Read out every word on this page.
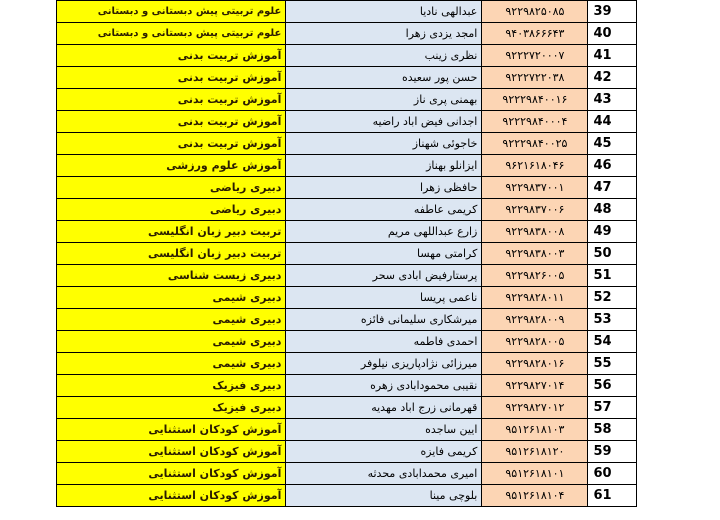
علوم تربیتی پیش دبستانی و دبستانی	عبدالهی نادیا	۹۲۲۹۸۲۵۰۸۵	39
علوم تربیتی پیش دبستانی و دبستانی	امجد یزدی زهرا	۹۴۰۳۸۶۶۶۴۳	40
آموزش تربیت بدنی	نظری زینب	۹۲۲۲۷۲۰۰۰۷	41
آموزش تربیت بدنی	حسن پور سعیده	۹۲۲۲۷۲۲۰۳۸	42
آموزش تربیت بدنی	بهمنی پری ناز	۹۲۲۲۹۸۴۰۰۱۶	43
آموزش تربیت بدنی	اجدانی فیض اباد راضیه	۹۲۲۲۹۸۴۰۰۰۴	44
آموزش تربیت بدنی	خاجوئی شهناز	۹۲۲۲۹۸۴۰۰۲۵	45
آموزش علوم ورزشی	ایزانلو بهناز	۹۶۲۱۶۱۸۰۴۶	46
دبیری ریاضی	حافظی زهرا	۹۲۲۹۸۳۷۰۰۱	47
دبیری ریاضی	کریمی عاطفه	۹۲۲۹۸۳۷۰۰۶	48
تربیت دبیر زبان انگلیسی	زارع عبداللهی مریم	۹۲۲۹۸۳۸۰۰۸	49
تربیت دبیر زبان انگلیسی	کرامتی مهسا	۹۲۲۹۸۳۸۰۰۳	50
دبیری زیست شناسی	پرستارفیض ابادی سحر	۹۲۲۹۸۲۶۰۰۵	51
دبیری شیمی	ناعمی پریسا	۹۲۲۹۸۲۸۰۱۱	52
دبیری شیمی	میرشکاری سلیمانی فائزه	۹۲۲۹۸۲۸۰۰۹	53
دبیری شیمی	احمدی فاطمه	۹۲۲۹۸۲۸۰۰۵	54
دبیری شیمی	میرزائی نژادپاریزی نیلوفر	۹۲۲۹۸۲۸۰۱۶	55
دبیری فیزیک	نقیبی محمودابادی زهره	۹۲۲۹۸۲۷۰۱۴	56
دبیری فیزیک	قهرمانی زرج اباد مهدیه	۹۲۲۹۸۲۷۰۱۲	57
آموزش کودکان استثنایی	ایین ساجده	۹۵۱۲۶۱۸۱۰۳	58
آموزش کودکان استثنایی	کریمی فایزه	۹۵۱۲۶۱۸۱۲۰	59
آموزش کودکان استثنایی	امیری محمدابادی محدثه	۹۵۱۲۶۱۸۱۰۱	60
آموزش کودکان استثنایی	بلوچی مینا	۹۵۱۲۶۱۸۱۰۴	61
